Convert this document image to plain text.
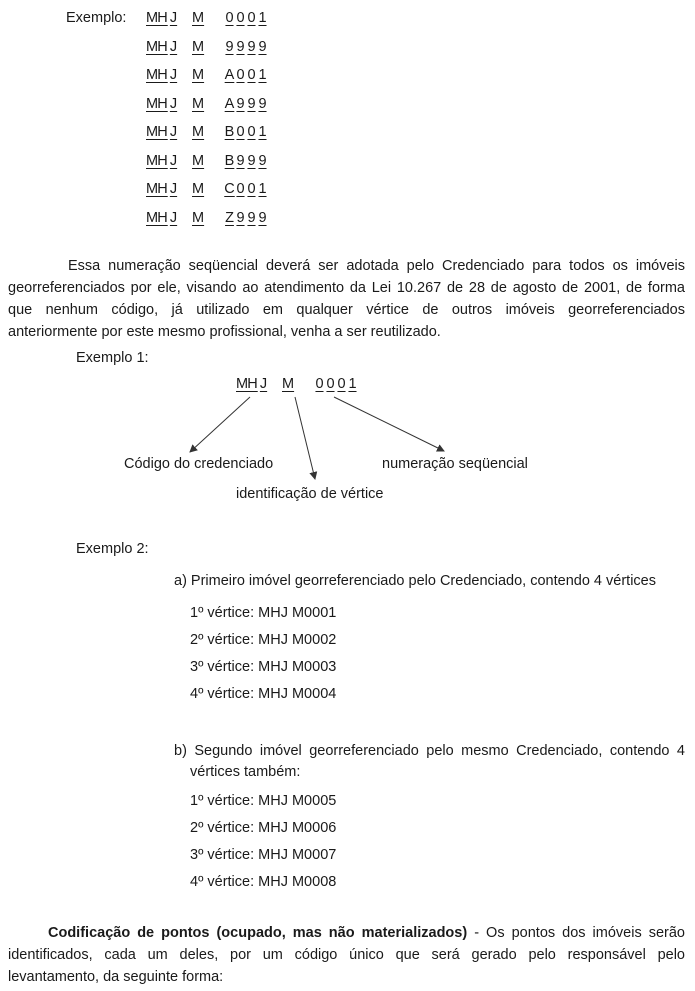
Exemplo: MH J M 0 0 0 1
MH J M 9 9 9 9
MH J M A 0 0 1
MH J M A 9 9 9
MH J M B 0 0 1
MH J M B 9 9 9
MH J M C 0 0 1
MH J M Z 9 9 9
Essa numeração seqüencial deverá ser adotada pelo Credenciado para todos os imóveis
georreferenciados por ele, visando ao atendimento da Lei 10.267 de 28 de agosto de 2001, de forma
que nenhum código, já utilizado em qualquer vértice de outros imóveis georreferenciados
anteriormente por este mesmo profissional, venha a ser reutilizado.
Exemplo 1:
MH J M 0 0 0 1
Código do credenciado	numeração seqüencial
identificação de vértice
Exemplo 2:
a) Primeiro imóvel georreferenciado pelo Credenciado, contendo 4 vértices
1º vértice: MHJ M0001
2º vértice: MHJ M0002
3º vértice: MHJ M0003
4º vértice: MHJ M0004
b) Segundo imóvel georreferenciado pelo mesmo Credenciado, contendo 4
vértices também:
1º vértice: MHJ M0005
2º vértice: MHJ M0006
3º vértice: MHJ M0007
4º vértice: MHJ M0008
Codificação de pontos (ocupado, mas não materializados) - Os pontos dos imóveis serão
identificados, cada um deles, por um código único que será gerado pelo responsável pelo
levantamento, da seguinte forma:
